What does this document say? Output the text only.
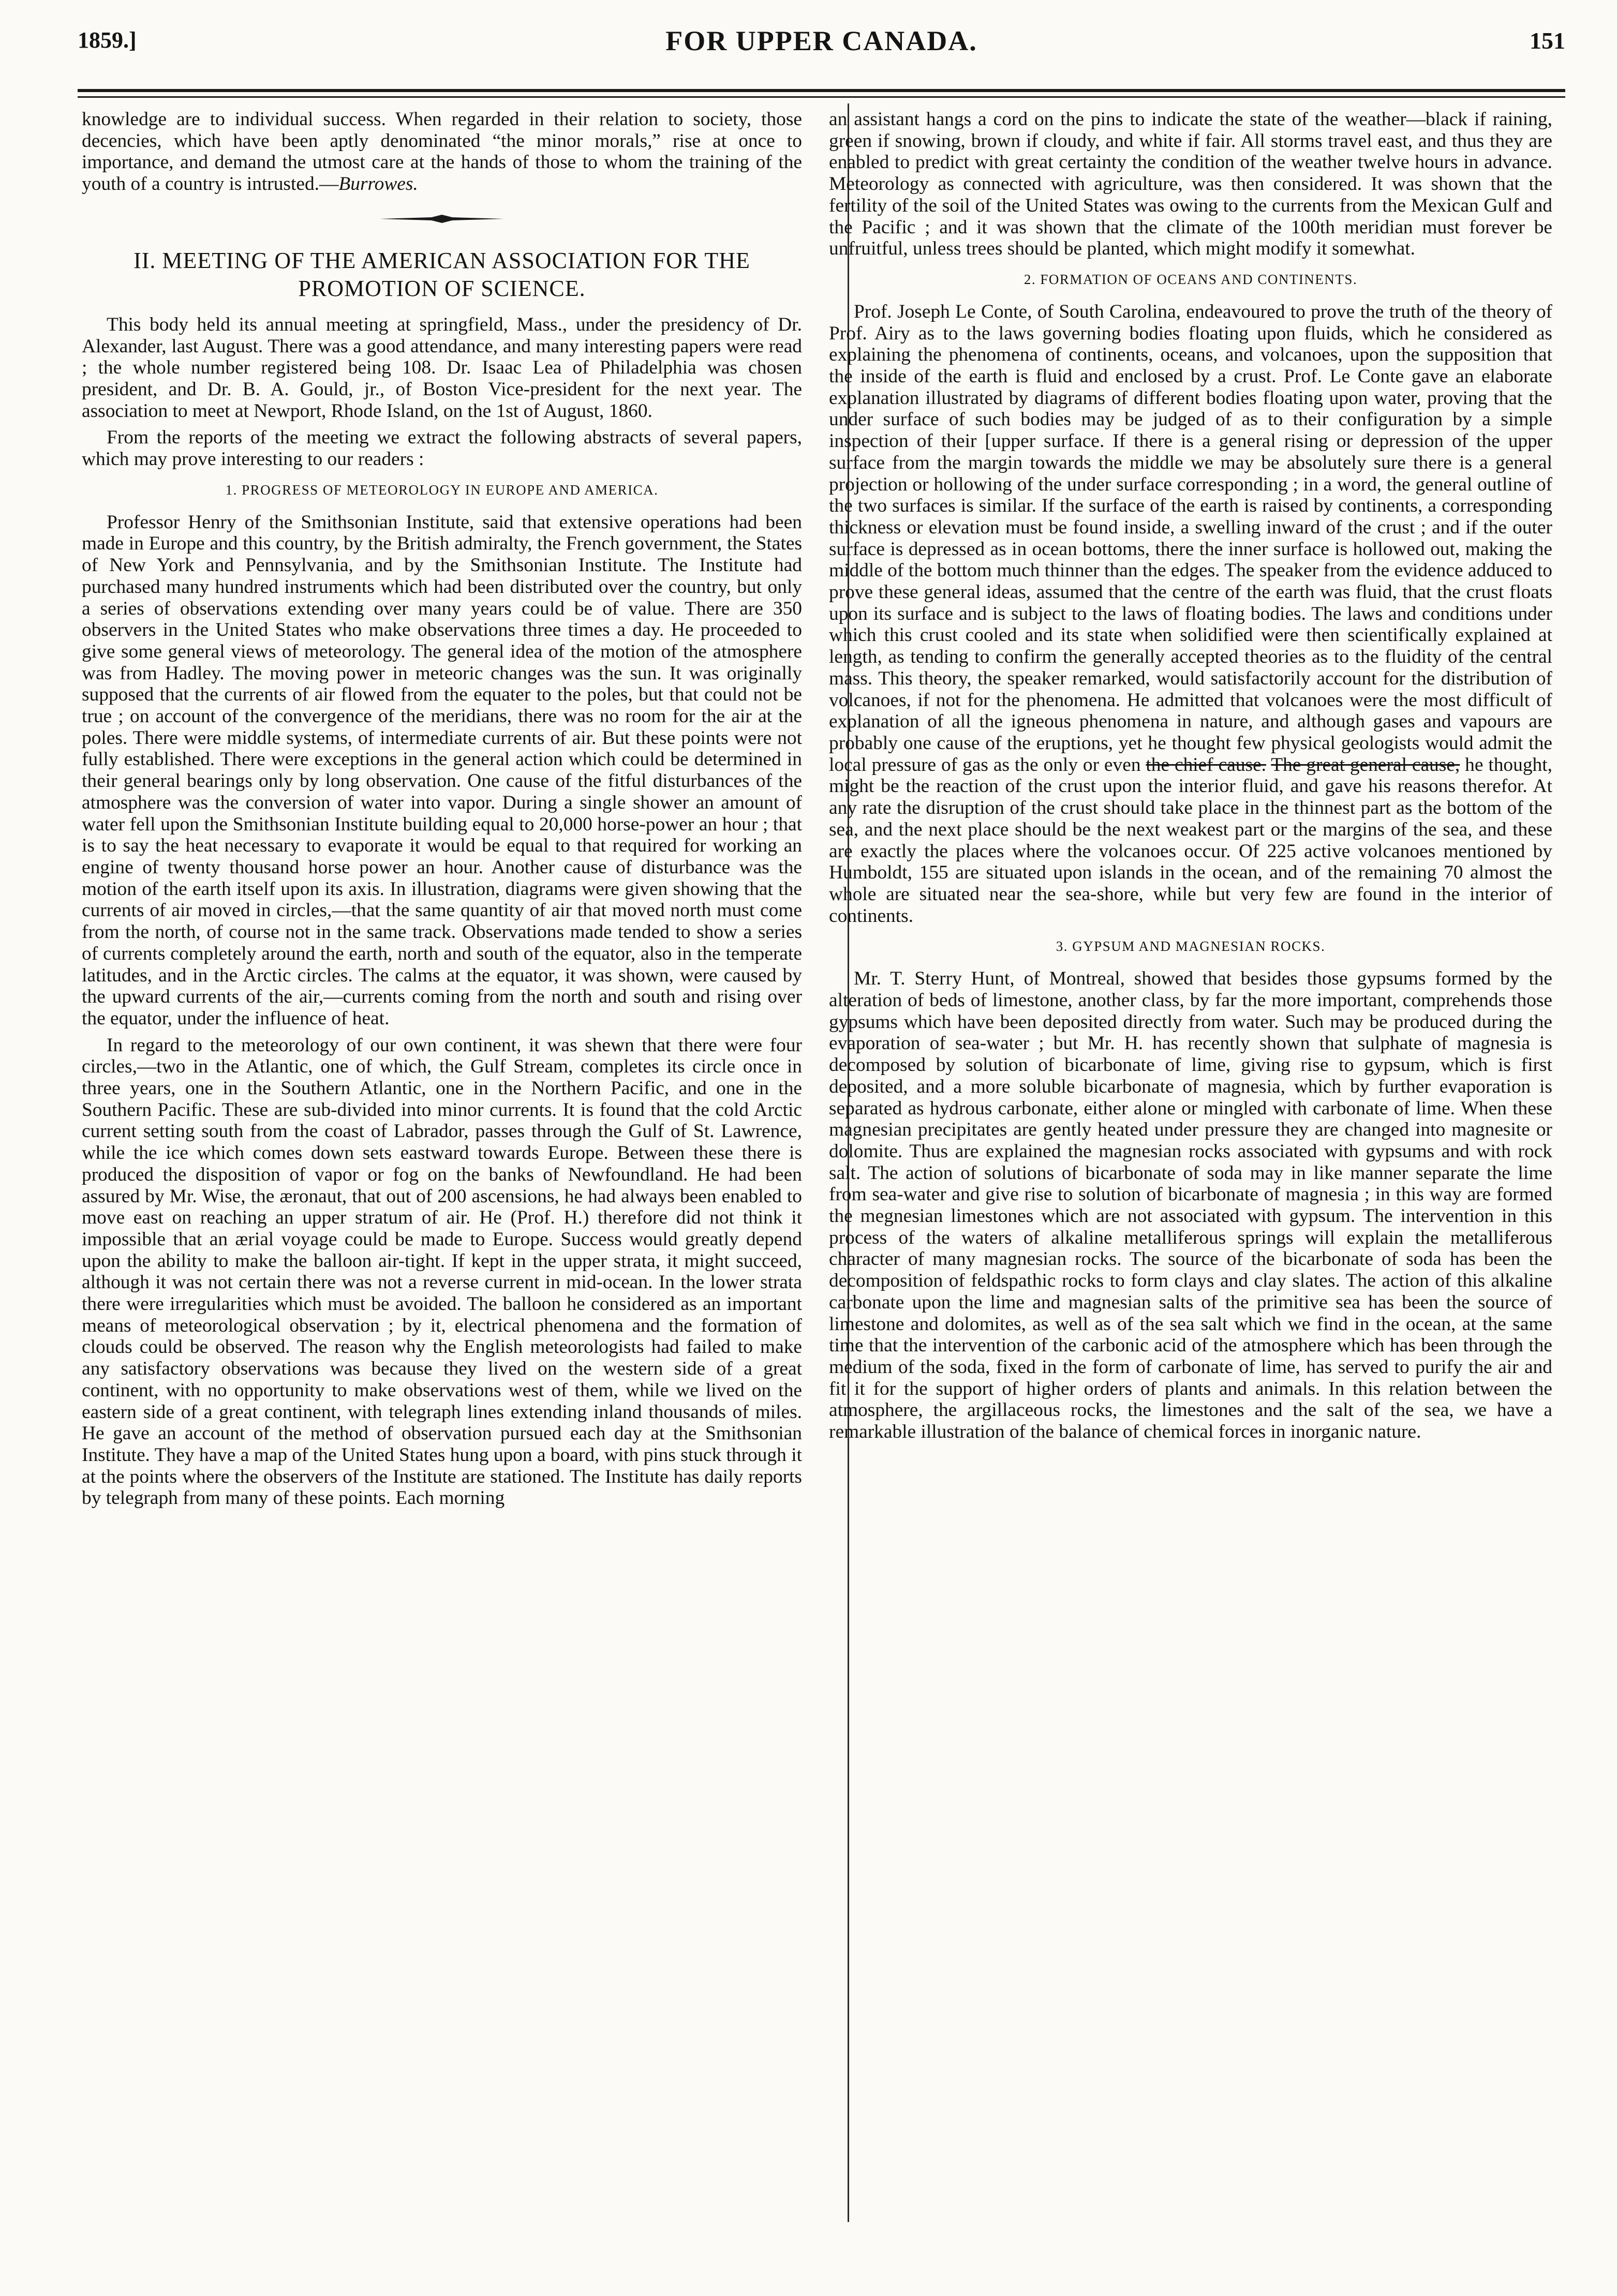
1859.]	FOR UPPER CANADA.	151

knowledge are to individual success. When regarded in their relation to society, those decencies, which have been aptly denominated “the minor morals,” rise at once to importance, and demand the utmost care at the hands of those to whom the training of the youth of a country is intrusted.—Burrowes.

II. MEETING OF THE AMERICAN ASSOCIATION FOR THE PROMOTION OF SCIENCE.

This body held its annual meeting at springfield, Mass., under the presidency of Dr. Alexander, last August. There was a good attendance, and many interesting papers were read ; the whole number registered being 108. Dr. Isaac Lea of Philadelphia was chosen president, and Dr. B. A. Gould, jr., of Boston Vice-president for the next year. The association to meet at Newport, Rhode Island, on the 1st of August, 1860.

From the reports of the meeting we extract the following abstracts of several papers, which may prove interesting to our readers :

1. PROGRESS OF METEOROLOGY IN EUROPE AND AMERICA.

Professor Henry of the Smithsonian Institute, said that extensive operations had been made in Europe and this country, by the British admiralty, the French government, the States of New York and Pennsylvania, and by the Smithsonian Institute. The Institute had purchased many hundred instruments which had been distributed over the country, but only a series of observations extending over many years could be of value. There are 350 observers in the United States who make observations three times a day. He proceeded to give some general views of meteorology. The general idea of the motion of the atmosphere was from Hadley. The moving power in meteoric changes was the sun. It was originally supposed that the currents of air flowed from the equater to the poles, but that could not be true ; on account of the convergence of the meridians, there was no room for the air at the poles. There were middle systems, of intermediate currents of air. But these points were not fully established. There were exceptions in the general action which could be determined in their general bearings only by long observation. One cause of the fitful disturbances of the atmosphere was the conversion of water into vapor. During a single shower an amount of water fell upon the Smithsonian Institute building equal to 20,000 horse-power an hour ; that is to say the heat necessary to evaporate it would be equal to that required for working an engine of twenty thousand horse power an hour. Another cause of disturbance was the motion of the earth itself upon its axis. In illustration, diagrams were given showing that the currents of air moved in circles,—that the same quantity of air that moved north must come from the north, of course not in the same track. Observations made tended to show a series of currents completely around the earth, north and south of the equator, also in the temperate latitudes, and in the Arctic circles. The calms at the equator, it was shown, were caused by the upward currents of the air,—currents coming from the north and south and rising over the equator, under the influence of heat.

In regard to the meteorology of our own continent, it was shewn that there were four circles,—two in the Atlantic, one of which, the Gulf Stream, completes its circle once in three years, one in the Southern Atlantic, one in the Northern Pacific, and one in the Southern Pacific. These are sub-divided into minor currents. It is found that the cold Arctic current setting south from the coast of Labrador, passes through the Gulf of St. Lawrence, while the ice which comes down sets eastward towards Europe. Between these there is produced the disposition of vapor or fog on the banks of Newfoundland. He had been assured by Mr. Wise, the æronaut, that out of 200 ascensions, he had always been enabled to move east on reaching an upper stratum of air. He (Prof. H.) therefore did not think it impossible that an ærial voyage could be made to Europe. Success would greatly depend upon the ability to make the balloon air-tight. If kept in the upper strata, it might succeed, although it was not certain there was not a reverse current in mid-ocean. In the lower strata there were irregularities which must be avoided. The balloon he considered as an important means of meteorological observation ; by it, electrical phenomena and the formation of clouds could be observed. The reason why the English meteorologists had failed to make any satisfactory observations was because they lived on the western side of a great continent, with no opportunity to make observations west of them, while we lived on the eastern side of a great continent, with telegraph lines extending inland thousands of miles. He gave an account of the method of observation pursued each day at the Smithsonian Institute. They have a map of the United States hung upon a board, with pins stuck through it at the points where the observers of the Institute are stationed. The Institute has daily reports by telegraph from many of these points. Each morning

an assistant hangs a cord on the pins to indicate the state of the weather—black if raining, green if snowing, brown if cloudy, and white if fair. All storms travel east, and thus they are enabled to predict with great certainty the condition of the weather twelve hours in advance. Meteorology as connected with agriculture, was then considered. It was shown that the fertility of the soil of the United States was owing to the currents from the Mexican Gulf and the Pacific ; and it was shown that the climate of the 100th meridian must forever be unfruitful, unless trees should be planted, which might modify it somewhat.

2. FORMATION OF OCEANS AND CONTINENTS.

Prof. Joseph Le Conte, of South Carolina, endeavoured to prove the truth of the theory of Prof. Airy as to the laws governing bodies floating upon fluids, which he considered as explaining the phenomena of continents, oceans, and volcanoes, upon the supposition that the inside of the earth is fluid and enclosed by a crust. Prof. Le Conte gave an elaborate explanation illustrated by diagrams of different bodies floating upon water, proving that the under surface of such bodies may be judged of as to their configuration by a simple inspection of their [upper surface. If there is a general rising or depression of the upper surface from the margin towards the middle we may be absolutely sure there is a general projection or hollowing of the under surface corresponding ; in a word, the general outline of the two surfaces is similar. If the surface of the earth is raised by continents, a corresponding thickness or elevation must be found inside, a swelling inward of the crust ; and if the outer surface is depressed as in ocean bottoms, there the inner surface is hollowed out, making the middle of the bottom much thinner than the edges. The speaker from the evidence adduced to prove these general ideas, assumed that the centre of the earth was fluid, that the crust floats upon its surface and is subject to the laws of floating bodies. The laws and conditions under which this crust cooled and its state when solidified were then scientifically explained at length, as tending to confirm the generally accepted theories as to the fluidity of the central mass. This theory, the speaker remarked, would satisfactorily account for the distribution of volcanoes, if not for the phenomena. He admitted that volcanoes were the most difficult of explanation of all the igneous phenomena in nature, and although gases and vapours are probably one cause of the eruptions, yet he thought few physical geologists would admit the local pressure of gas as the only or even the chief cause. The great general cause, he thought, might be the reaction of the crust upon the interior fluid, and gave his reasons therefor. At any rate the disruption of the crust should take place in the thinnest part as the bottom of the sea, and the next place should be the next weakest part or the margins of the sea, and these are exactly the places where the volcanoes occur. Of 225 active volcanoes mentioned by Humboldt, 155 are situated upon islands in the ocean, and of the remaining 70 almost the whole are situated near the sea-shore, while but very few are found in the interior of continents.

3. GYPSUM AND MAGNESIAN ROCKS.

Mr. T. Sterry Hunt, of Montreal, showed that besides those gypsums formed by the alteration of beds of limestone, another class, by far the more important, comprehends those gypsums which have been deposited directly from water. Such may be produced during the evaporation of sea-water ; but Mr. H. has recently shown that sulphate of magnesia is decomposed by solution of bicarbonate of lime, giving rise to gypsum, which is first deposited, and a more soluble bicarbonate of magnesia, which by further evaporation is separated as hydrous carbonate, either alone or mingled with carbonate of lime. When these magnesian precipitates are gently heated under pressure they are changed into magnesite or dolomite. Thus are explained the magnesian rocks associated with gypsums and with rock salt. The action of solutions of bicarbonate of soda may in like manner separate the lime from sea-water and give rise to solution of bicarbonate of magnesia ; in this way are formed the megnesian limestones which are not associated with gypsum. The intervention in this process of the waters of alkaline metalliferous springs will explain the metalliferous character of many magnesian rocks. The source of the bicarbonate of soda has been the decomposition of feldspathic rocks to form clays and clay slates. The action of this alkaline carbonate upon the lime and magnesian salts of the primitive sea has been the source of limestone and dolomites, as well as of the sea salt which we find in the ocean, at the same time that the intervention of the carbonic acid of the atmosphere which has been through the medium of the soda, fixed in the form of carbonate of lime, has served to purify the air and fit it for the support of higher orders of plants and animals. In this relation between the atmosphere, the argillaceous rocks, the limestones and the salt of the sea, we have a remarkable illustration of the balance of chemical forces in inorganic nature.
